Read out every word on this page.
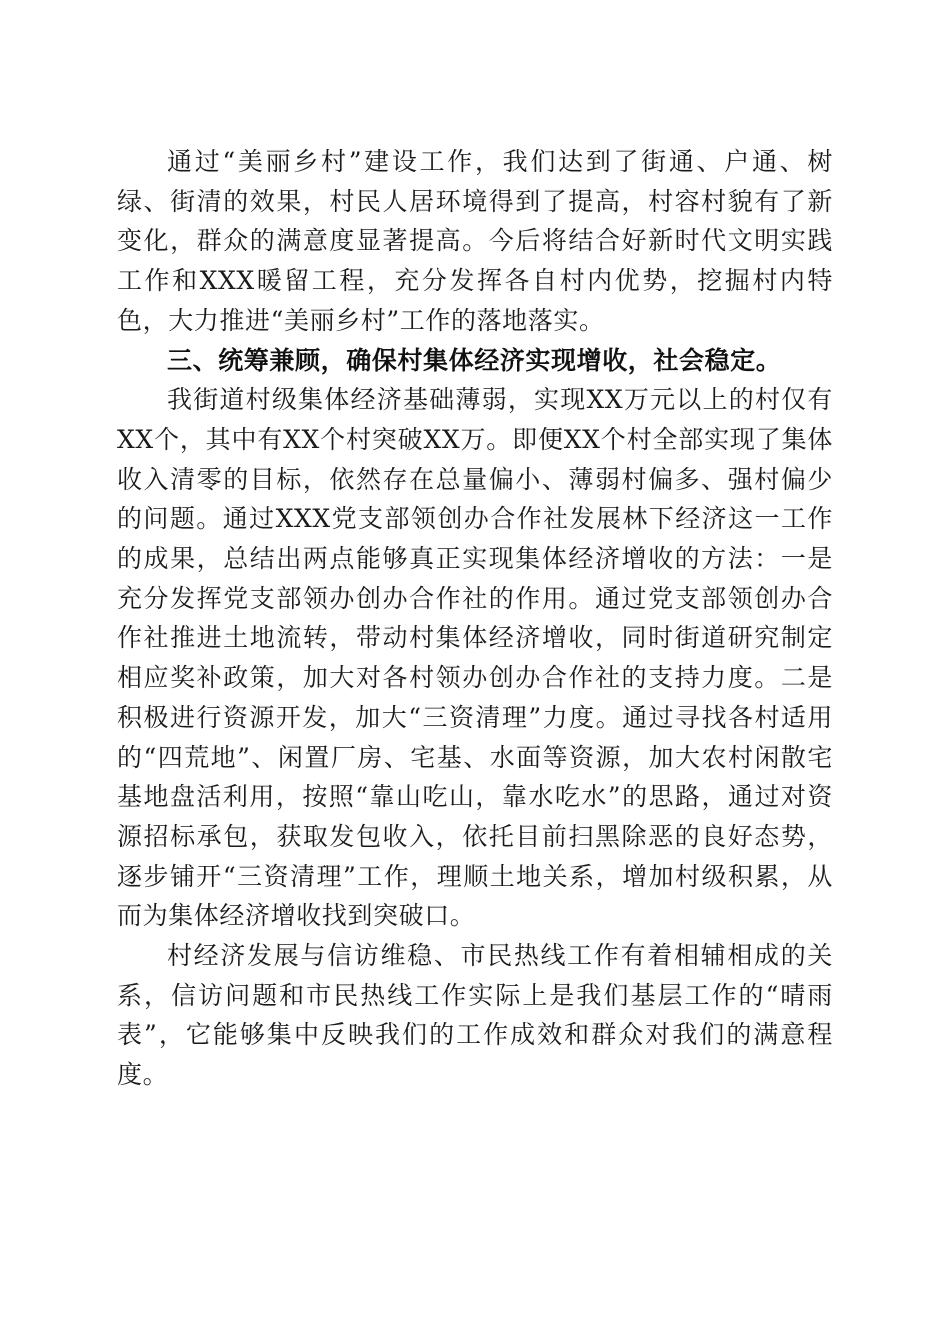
通过“美丽乡村”建设工作，我们达到了街通、户通、树绿、街清的效果，村民人居环境得到了提高，村容村貌有了新变化，群众的满意度显著提高。今后将结合好新时代文明实践工作和XXX暖留工程，充分发挥各自村内优势，挖掘村内特色，大力推进“美丽乡村”工作的落地落实。

三、统筹兼顾，确保村集体经济实现增收，社会稳定。

我街道村级集体经济基础薄弱，实现XX万元以上的村仅有XX个，其中有XX个村突破XX万。即便XX个村全部实现了集体收入清零的目标，依然存在总量偏小、薄弱村偏多、强村偏少的问题。通过XXX党支部领创办合作社发展林下经济这一工作的成果，总结出两点能够真正实现集体经济增收的方法：一是充分发挥党支部领办创办合作社的作用。通过党支部领创办合作社推进土地流转，带动村集体经济增收，同时街道研究制定相应奖补政策，加大对各村领办创办合作社的支持力度。二是积极进行资源开发，加大“三资清理”力度。通过寻找各村适用的“四荒地”、闲置厂房、宅基、水面等资源，加大农村闲散宅基地盘活利用，按照“靠山吃山，靠水吃水”的思路，通过对资源招标承包，获取发包收入，依托目前扫黑除恶的良好态势，逐步铺开“三资清理”工作，理顺土地关系，增加村级积累，从而为集体经济增收找到突破口。

村经济发展与信访维稳、市民热线工作有着相辅相成的关系，信访问题和市民热线工作实际上是我们基层工作的“晴雨表”，它能够集中反映我们的工作成效和群众对我们的满意程度。
